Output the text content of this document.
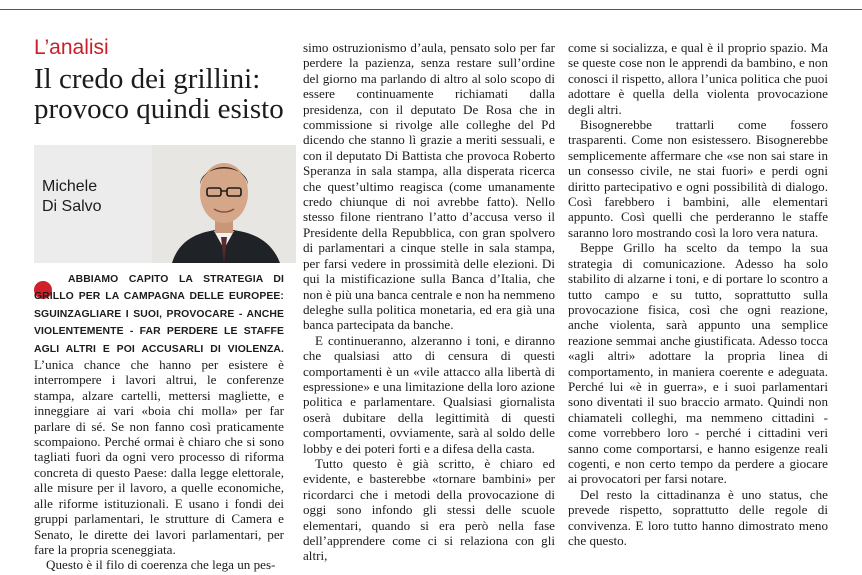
L’analisi
Il credo dei grillini: provoco quindi esisto
Michele
Di Salvo

ABBIAMO CAPITO LA STRATEGIA DI GRILLO PER LA CAMPAGNA DELLE EUROPEE: SGUINZAGLIARE I SUOI, PROVOCARE - ANCHE VIOLENTEMENTE - FAR PERDERE LE STAFFE AGLI ALTRI E POI ACCUSARLI DI VIOLENZA. L’unica chance che hanno per esistere è interrompere i lavori altrui, le conferenze stampa, alzare cartelli, mettersi magliette, e inneggiare ai vari «boia chi molla» per far parlare di sé. Se non fanno così praticamente scompaiono. Perché ormai è chiaro che si sono tagliati fuori da ogni vero processo di riforma concreta di questo Paese: dalla legge elettorale, alle misure per il lavoro, a quelle economiche, alle riforme istituzionali. E usano i fondi dei gruppi parlamentari, le strutture di Camera e Senato, le dirette dei lavori parlamentari, per fare la propria sceneggiata.

Questo è il filo di coerenza che lega un pes-

simo ostruzionismo d’aula, pensato solo per far perdere la pazienza, senza restare sull’ordine del giorno ma parlando di altro al solo scopo di essere continuamente richiamati dalla presidenza, con il deputato De Rosa che in commissione si rivolge alle colleghe del Pd dicendo che stanno lì grazie a meriti sessuali, e con il deputato Di Battista che provoca Roberto Speranza in sala stampa, alla disperata ricerca che quest’ultimo reagisca (come umanamente credo chiunque di noi avrebbe fatto). Nello stesso filone rientrano l’atto d’accusa verso il Presidente della Repubblica, con gran spolvero di parlamentari a cinque stelle in sala stampa, per farsi vedere in prossimità delle elezioni. Di qui la mistificazione sulla Banca d’Italia, che non è più una banca centrale e non ha nemmeno deleghe sulla politica monetaria, ed era già una banca partecipata da banche.

E continueranno, alzeranno i toni, e diranno che qualsiasi atto di censura di questi comportamenti è un «vile attacco alla libertà di espressione» e una limitazione della loro azione politica e parlamentare. Qualsiasi giornalista oserà dubitare della legittimità di questi comportamenti, ovviamente, sarà al soldo delle lobby e dei poteri forti e a difesa della casta.

Tutto questo è già scritto, è chiaro ed evidente, e basterebbe «tornare bambini» per ricordarci che i metodi della provocazione di oggi sono infondo gli stessi delle scuole elementari, quando si era però nella fase dell’apprendere come ci si relaziona con gli altri,

come si socializza, e qual è il proprio spazio. Ma se queste cose non le apprendi da bambino, e non conosci il rispetto, allora l’unica politica che puoi adottare è quella della violenta provocazione degli altri.

Bisognerebbe trattarli come fossero trasparenti. Come non esistessero. Bisognerebbe semplicemente affermare che «se non sai stare in un consesso civile, ne stai fuori» e perdi ogni diritto partecipativo e ogni possibilità di dialogo. Così farebbero i bambini, alle elementari appunto. Così quelli che perderanno le staffe saranno loro mostrando così la loro vera natura.

Beppe Grillo ha scelto da tempo la sua strategia di comunicazione. Adesso ha solo stabilito di alzarne i toni, e di portare lo scontro a tutto campo e su tutto, soprattutto sulla provocazione fisica, così che ogni reazione, anche violenta, sarà appunto una semplice reazione semmai anche giustificata. Adesso tocca «agli altri» adottare la propria linea di comportamento, in maniera coerente e adeguata. Perché lui «è in guerra», e i suoi parlamentari sono diventati il suo braccio armato. Quindi non chiamateli colleghi, ma nemmeno cittadini - come vorrebbero loro - perché i cittadini veri sanno come comportarsi, e hanno esigenze reali cogenti, e non certo tempo da perdere a giocare ai provocatori per farsi notare.

Del resto la cittadinanza è uno status, che prevede rispetto, soprattutto delle regole di convivenza. E loro tutto hanno dimostrato meno che questo.
